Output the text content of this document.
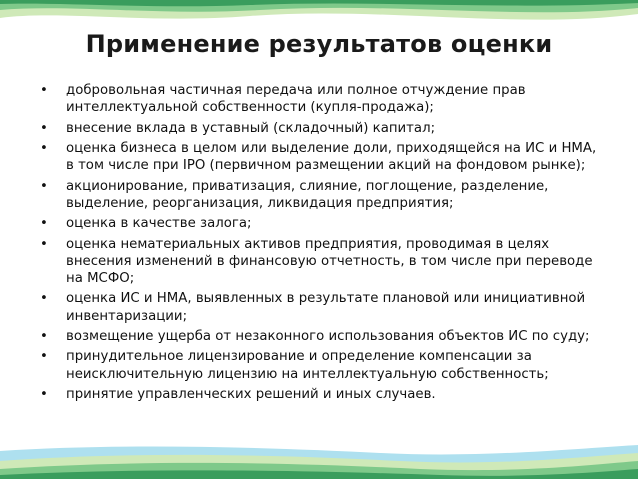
Применение результатов оценки
• добровольная частичная передача или полное отчуждение прав интеллектуальной собственности (купля-продажа);
• внесение вклада в уставный (складочный) капитал;
• оценка бизнеса в целом или выделение доли, приходящейся на ИС и НМА, в том числе при IPO (первичном размещении акций на фондовом рынке);
• акционирование, приватизация, слияние, поглощение, разделение, выделение, реорганизация, ликвидация предприятия;
• оценка в качестве залога;
• оценка нематериальных активов предприятия, проводимая в целях внесения изменений в финансовую отчетность, в том числе при переводе на МСФО;
• оценка ИС и НМА, выявленных в результате плановой или инициативной инвентаризации;
• возмещение ущерба от незаконного использования объектов ИС по суду;
• принудительное лицензирование и определение компенсации за неисключительную лицензию на интеллектуальную собственность;
• принятие управленческих решений и иных случаев.
